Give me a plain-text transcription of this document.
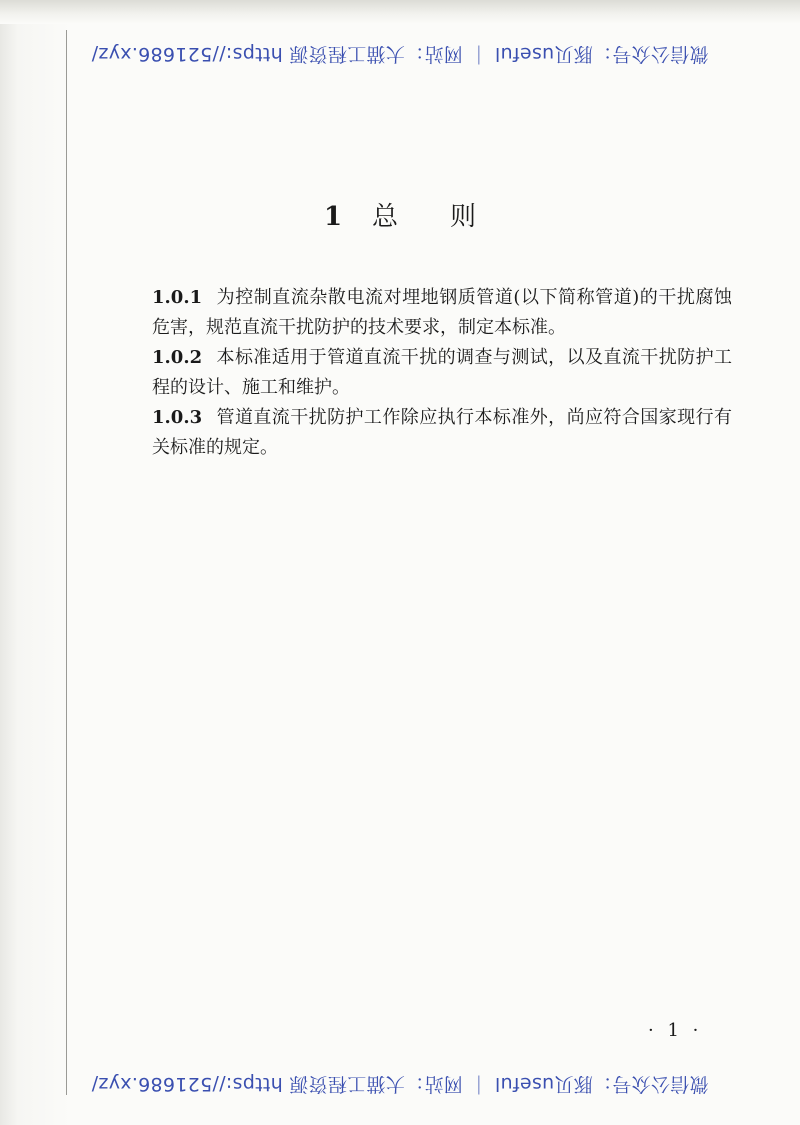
微信公众号：豚贝useful ｜ 网站：大猫工程资源 https://521686.xyz/
1 总 则

1.0.1 为控制直流杂散电流对埋地钢质管道(以下简称管道)的干扰腐蚀危害，规范直流干扰防护的技术要求，制定本标准。

1.0.2 本标准适用于管道直流干扰的调查与测试，以及直流干扰防护工程的设计、施工和维护。

1.0.3 管道直流干扰防护工作除应执行本标准外，尚应符合国家现行有关标准的规定。

· 1 ·
微信公众号：豚贝useful ｜ 网站：大猫工程资源 https://521686.xyz/
